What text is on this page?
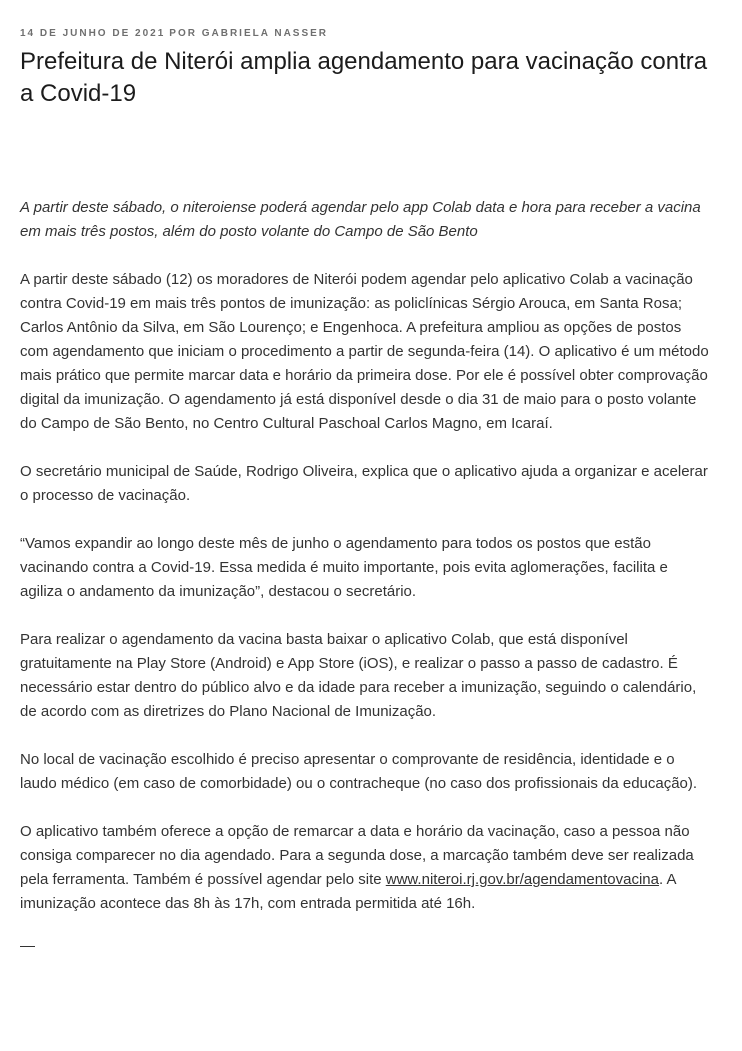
14 DE JUNHO DE 2021 POR GABRIELA NASSER
Prefeitura de Niterói amplia agendamento para vacinação contra a Covid-19

A partir deste sábado, o niteroiense poderá agendar pelo app Colab data e hora para receber a vacina em mais três postos, além do posto volante do Campo de São Bento

A partir deste sábado (12) os moradores de Niterói podem agendar pelo aplicativo Colab a vacinação contra Covid-19 em mais três pontos de imunização: as policlínicas Sérgio Arouca, em Santa Rosa; Carlos Antônio da Silva, em São Lourenço; e Engenhoca. A prefeitura ampliou as opções de postos com agendamento que iniciam o procedimento a partir de segunda-feira (14). O aplicativo é um método mais prático que permite marcar data e horário da primeira dose. Por ele é possível obter comprovação digital da imunização. O agendamento já está disponível desde o dia 31 de maio para o posto volante do Campo de São Bento, no Centro Cultural Paschoal Carlos Magno, em Icaraí.

O secretário municipal de Saúde, Rodrigo Oliveira, explica que o aplicativo ajuda a organizar e acelerar o processo de vacinação.

“Vamos expandir ao longo deste mês de junho o agendamento para todos os postos que estão vacinando contra a Covid-19. Essa medida é muito importante, pois evita aglomerações, facilita e agiliza o andamento da imunização”, destacou o secretário.

Para realizar o agendamento da vacina basta baixar o aplicativo Colab, que está disponível gratuitamente na Play Store (Android) e App Store (iOS), e realizar o passo a passo de cadastro. É necessário estar dentro do público alvo e da idade para receber a imunização, seguindo o calendário, de acordo com as diretrizes do Plano Nacional de Imunização.

No local de vacinação escolhido é preciso apresentar o comprovante de residência, identidade e o laudo médico (em caso de comorbidade) ou o contracheque (no caso dos profissionais da educação).

O aplicativo também oferece a opção de remarcar a data e horário da vacinação, caso a pessoa não consiga comparecer no dia agendado. Para a segunda dose, a marcação também deve ser realizada pela ferramenta. Também é possível agendar pelo site www.niteroi.rj.gov.br/agendamentovacina. A imunização acontece das 8h às 17h, com entrada permitida até 16h.
